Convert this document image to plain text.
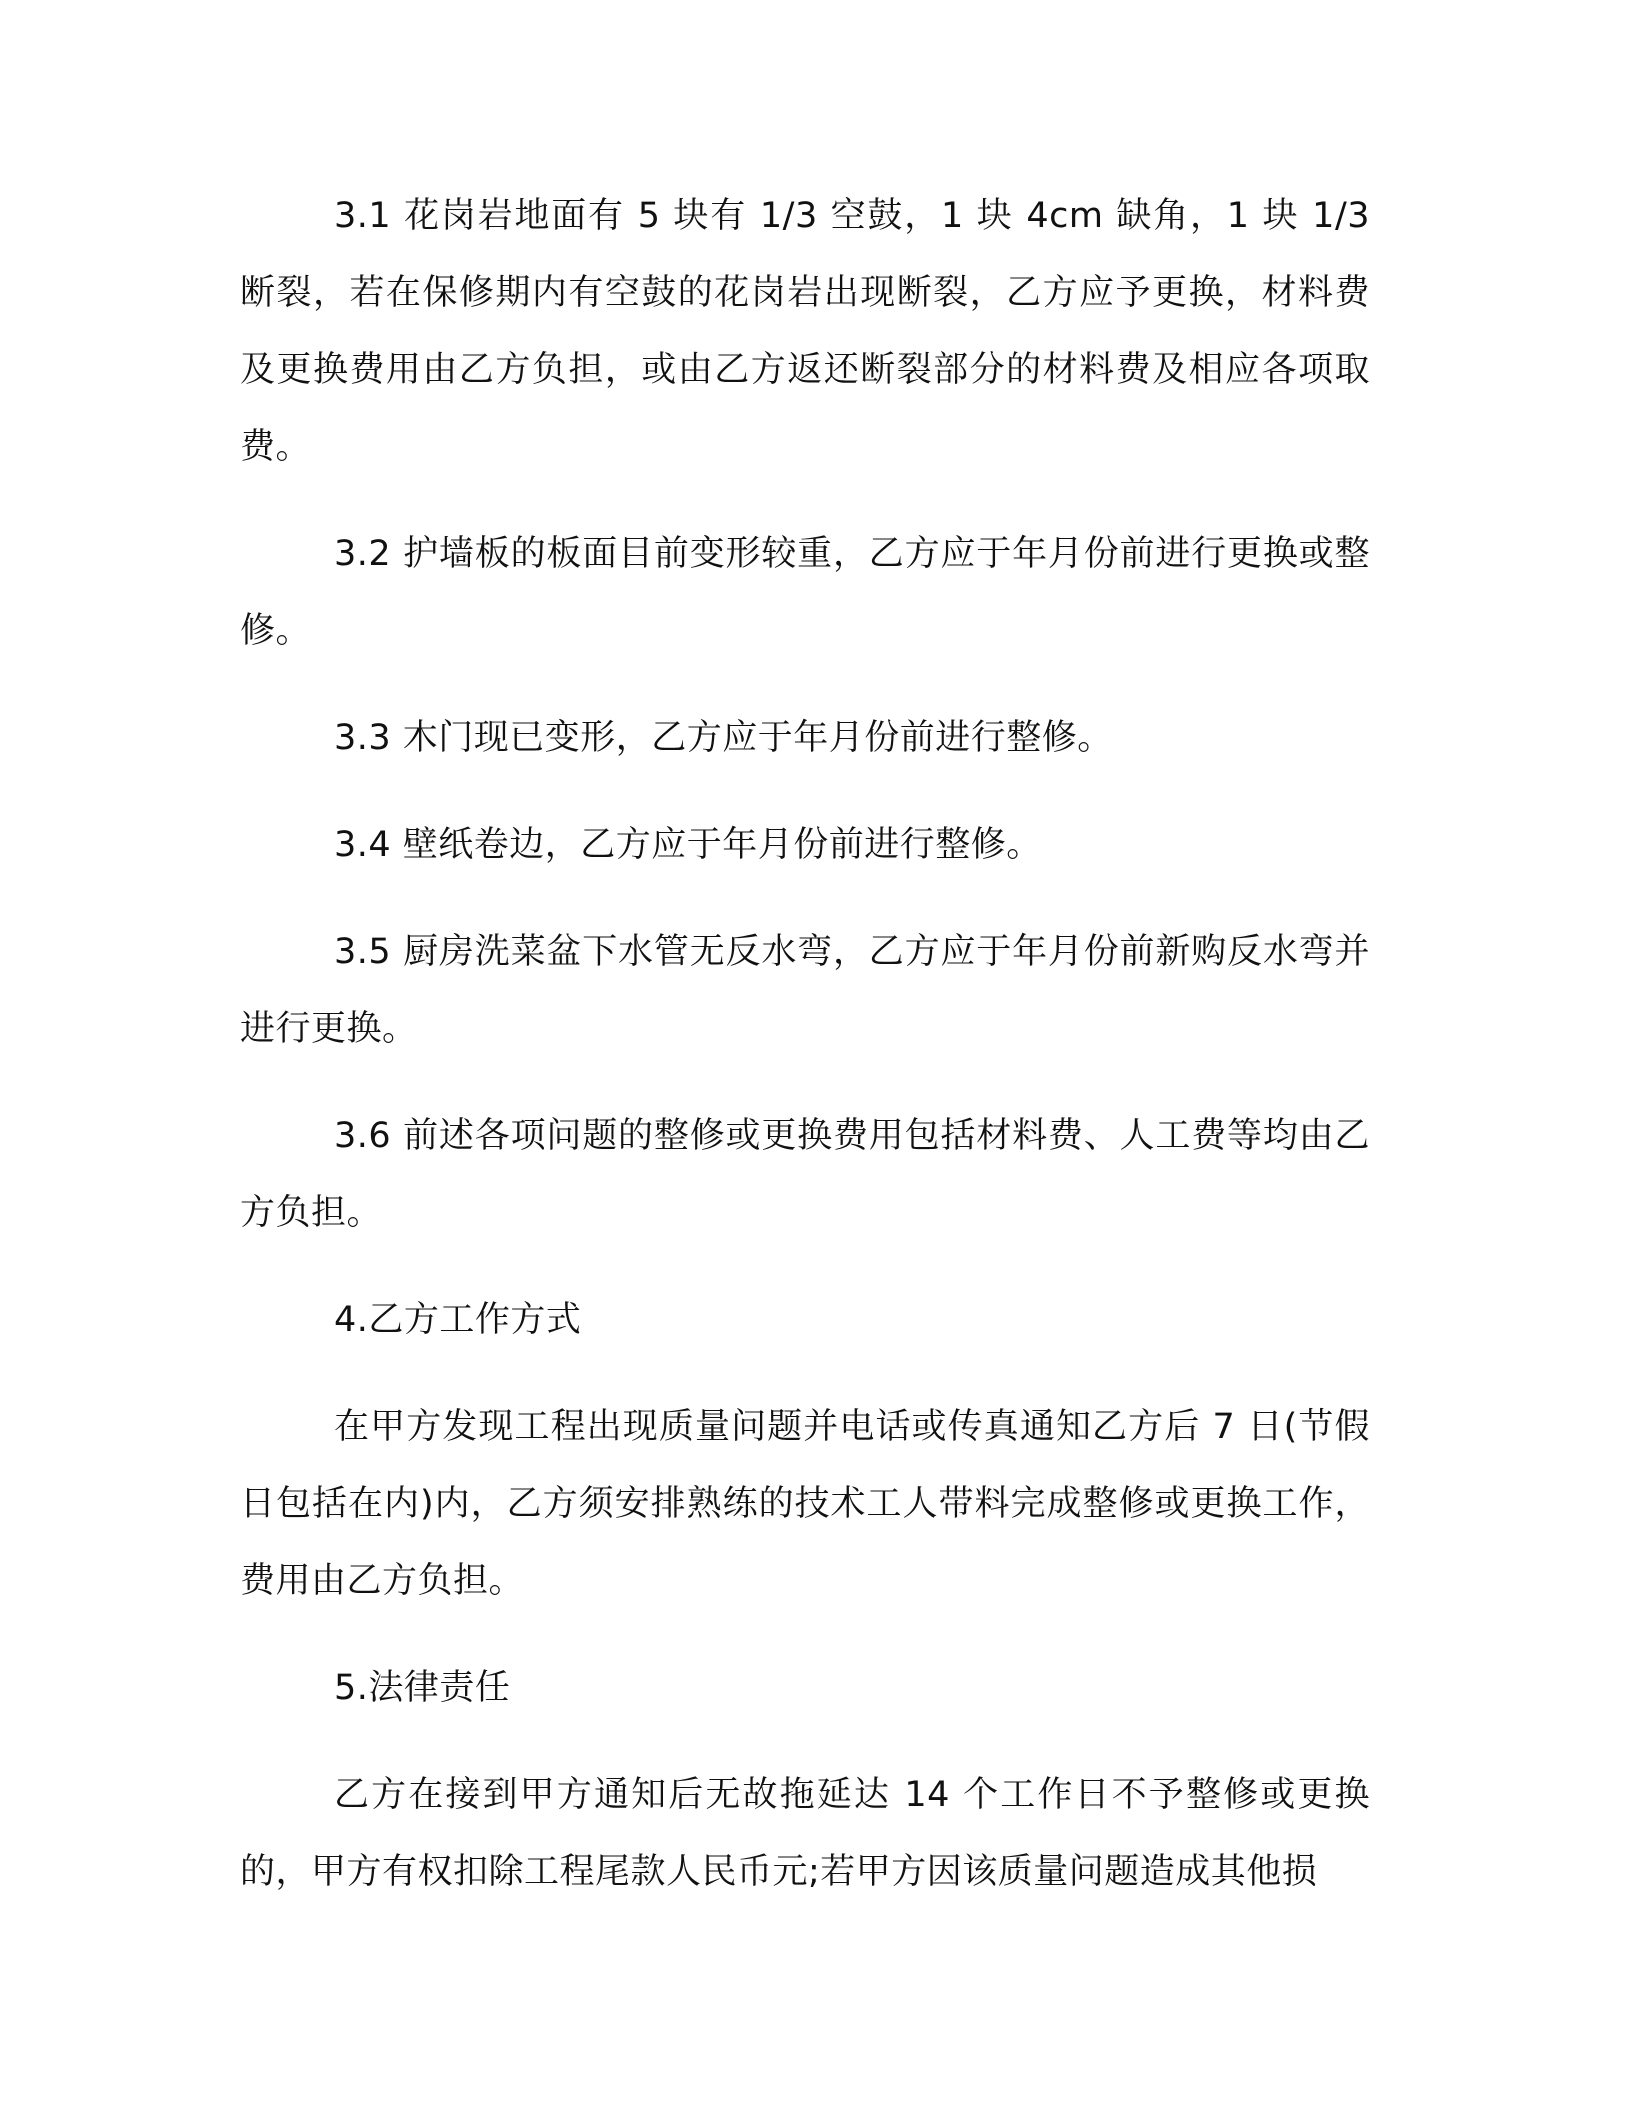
3.1 花岗岩地面有 5 块有 1/3 空鼓，1 块 4cm 缺角，1 块 1/3 断裂，若在保修期内有空鼓的花岗岩出现断裂，乙方应予更换，材料费及更换费用由乙方负担，或由乙方返还断裂部分的材料费及相应各项取费。

3.2 护墙板的板面目前变形较重，乙方应于年月份前进行更换或整修。

3.3 木门现已变形，乙方应于年月份前进行整修。

3.4 壁纸卷边，乙方应于年月份前进行整修。

3.5 厨房洗菜盆下水管无反水弯，乙方应于年月份前新购反水弯并进行更换。

3.6 前述各项问题的整修或更换费用包括材料费、人工费等均由乙方负担。

4.乙方工作方式

在甲方发现工程出现质量问题并电话或传真通知乙方后 7 日(节假日包括在内)内，乙方须安排熟练的技术工人带料完成整修或更换工作，费用由乙方负担。

5.法律责任

乙方在接到甲方通知后无故拖延达 14 个工作日不予整修或更换的，甲方有权扣除工程尾款人民币元;若甲方因该质量问题造成其他损
